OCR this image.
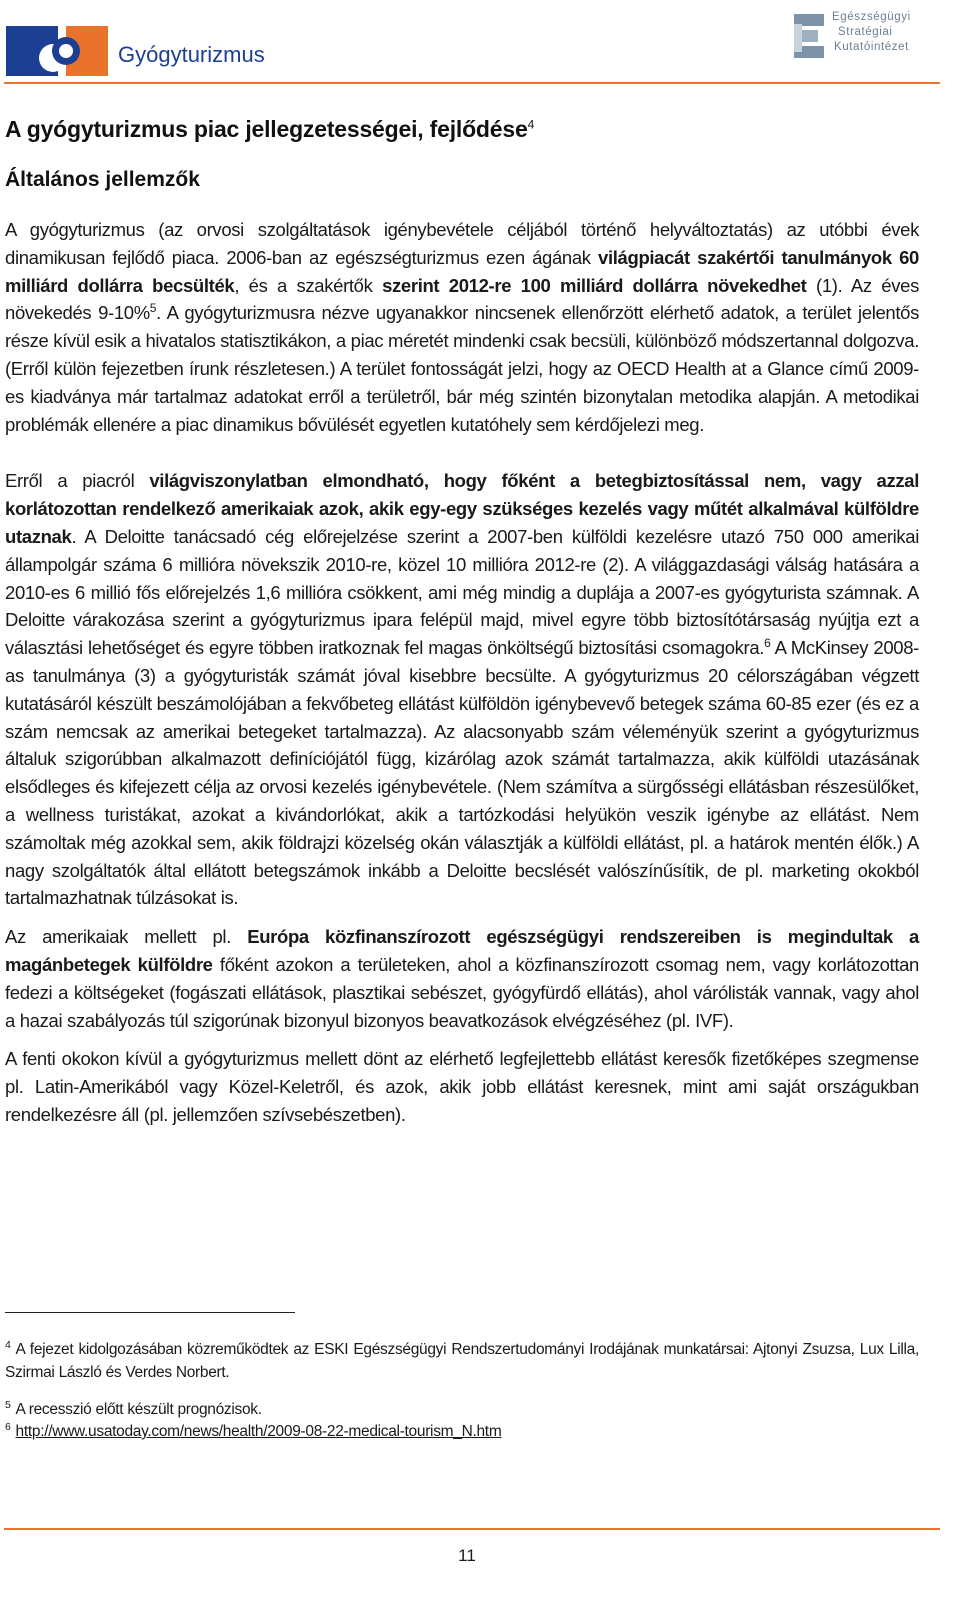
Gyógyturizmus
Egészségügyi
Stratégiai
Kutatóintézet
A gyógyturizmus piac jellegzetességei, fejlődése$^4$
Általános jellemzők

A gyógyturizmus (az orvosi szolgáltatások igénybevétele céljából történő helyváltoztatás) az utóbbi évek dinamikusan fejlődő piaca. 2006-ban az egészségturizmus ezen ágának világpiacát szakértői tanulmányok 60 milliárd dollárra becsülték, és a szakértők szerint 2012-re 100 milliárd dollárra növekedhet (1). Az éves növekedés 9-10%$^5$. A gyógyturizmusra nézve ugyanakkor nincsenek ellenőrzött elérhető adatok, a terület jelentős része kívül esik a hivatalos statisztikákon, a piac méretét mindenki csak becsüli, különböző módszertannal dolgozva. (Erről külön fejezetben írunk részletesen.) A terület fontosságát jelzi, hogy az OECD Health at a Glance című 2009-es kiadványa már tartalmaz adatokat erről a területről, bár még szintén bizonytalan metodika alapján. A metodikai problémák ellenére a piac dinamikus bővülését egyetlen kutatóhely sem kérdőjelezi meg.

Erről a piacról világviszonylatban elmondható, hogy főként a betegbiztosítással nem, vagy azzal korlátozottan rendelkező amerikaiak azok, akik egy-egy szükséges kezelés vagy műtét alkalmával külföldre utaznak. A Deloitte tanácsadó cég előrejelzése szerint a 2007-ben külföldi kezelésre utazó 750 000 amerikai állampolgár száma 6 millióra növekszik 2010-re, közel 10 millióra 2012-re (2). A világgazdasági válság hatására a 2010-es 6 millió fős előrejelzés 1,6 millióra csökkent, ami még mindig a duplája a 2007-es gyógyturista számnak. A Deloitte várakozása szerint a gyógyturizmus ipara felépül majd, mivel egyre több biztosítótársaság nyújtja ezt a választási lehetőséget és egyre többen iratkoznak fel magas önköltségű biztosítási csomagokra.$^6$ A McKinsey 2008-as tanulmánya (3) a gyógyturisták számát jóval kisebbre becsülte. A gyógyturizmus 20 célországában végzett kutatásáról készült beszámolójában a fekvőbeteg ellátást külföldön igénybevevő betegek száma 60-85 ezer (és ez a szám nemcsak az amerikai betegeket tartalmazza). Az alacsonyabb szám véleményük szerint a gyógyturizmus általuk szigorúbban alkalmazott definíciójától függ, kizárólag azok számát tartalmazza, akik külföldi utazásának elsődleges és kifejezett célja az orvosi kezelés igénybevétele. (Nem számítva a sürgősségi ellátásban részesülőket, a wellness turistákat, azokat a kivándorlókat, akik a tartózkodási helyükön veszik igénybe az ellátást. Nem számoltak még azokkal sem, akik földrajzi közelség okán választják a külföldi ellátást, pl. a határok mentén élők.) A nagy szolgáltatók által ellátott betegszámok inkább a Deloitte becslését valószínűsítik, de pl. marketing okokból tartalmazhatnak túlzásokat is.

Az amerikaiak mellett pl. Európa közfinanszírozott egészségügyi rendszereiben is megindultak a magánbetegek külföldre főként azokon a területeken, ahol a közfinanszírozott csomag nem, vagy korlátozottan fedezi a költségeket (fogászati ellátások, plasztikai sebészet, gyógyfürdő ellátás), ahol várólisták vannak, vagy ahol a hazai szabályozás túl szigorúnak bizonyul bizonyos beavatkozások elvégzéséhez (pl. IVF).

A fenti okokon kívül a gyógyturizmus mellett dönt az elérhető legfejlettebb ellátást keresők fizetőképes szegmense pl. Latin-Amerikából vagy Közel-Keletről, és azok, akik jobb ellátást keresnek, mint ami saját országukban rendelkezésre áll (pl. jellemzően szívsebészetben).

$^4$ A fejezet kidolgozásában közreműködtek az ESKI Egészségügyi Rendszertudományi Irodájának munkatársai: Ajtonyi Zsuzsa, Lux Lilla, Szirmai László és Verdes Norbert.

$^5$ A recesszió előtt készült prognózisok.

$^6$ http://www.usatoday.com/news/health/2009-08-22-medical-tourism_N.htm

11
